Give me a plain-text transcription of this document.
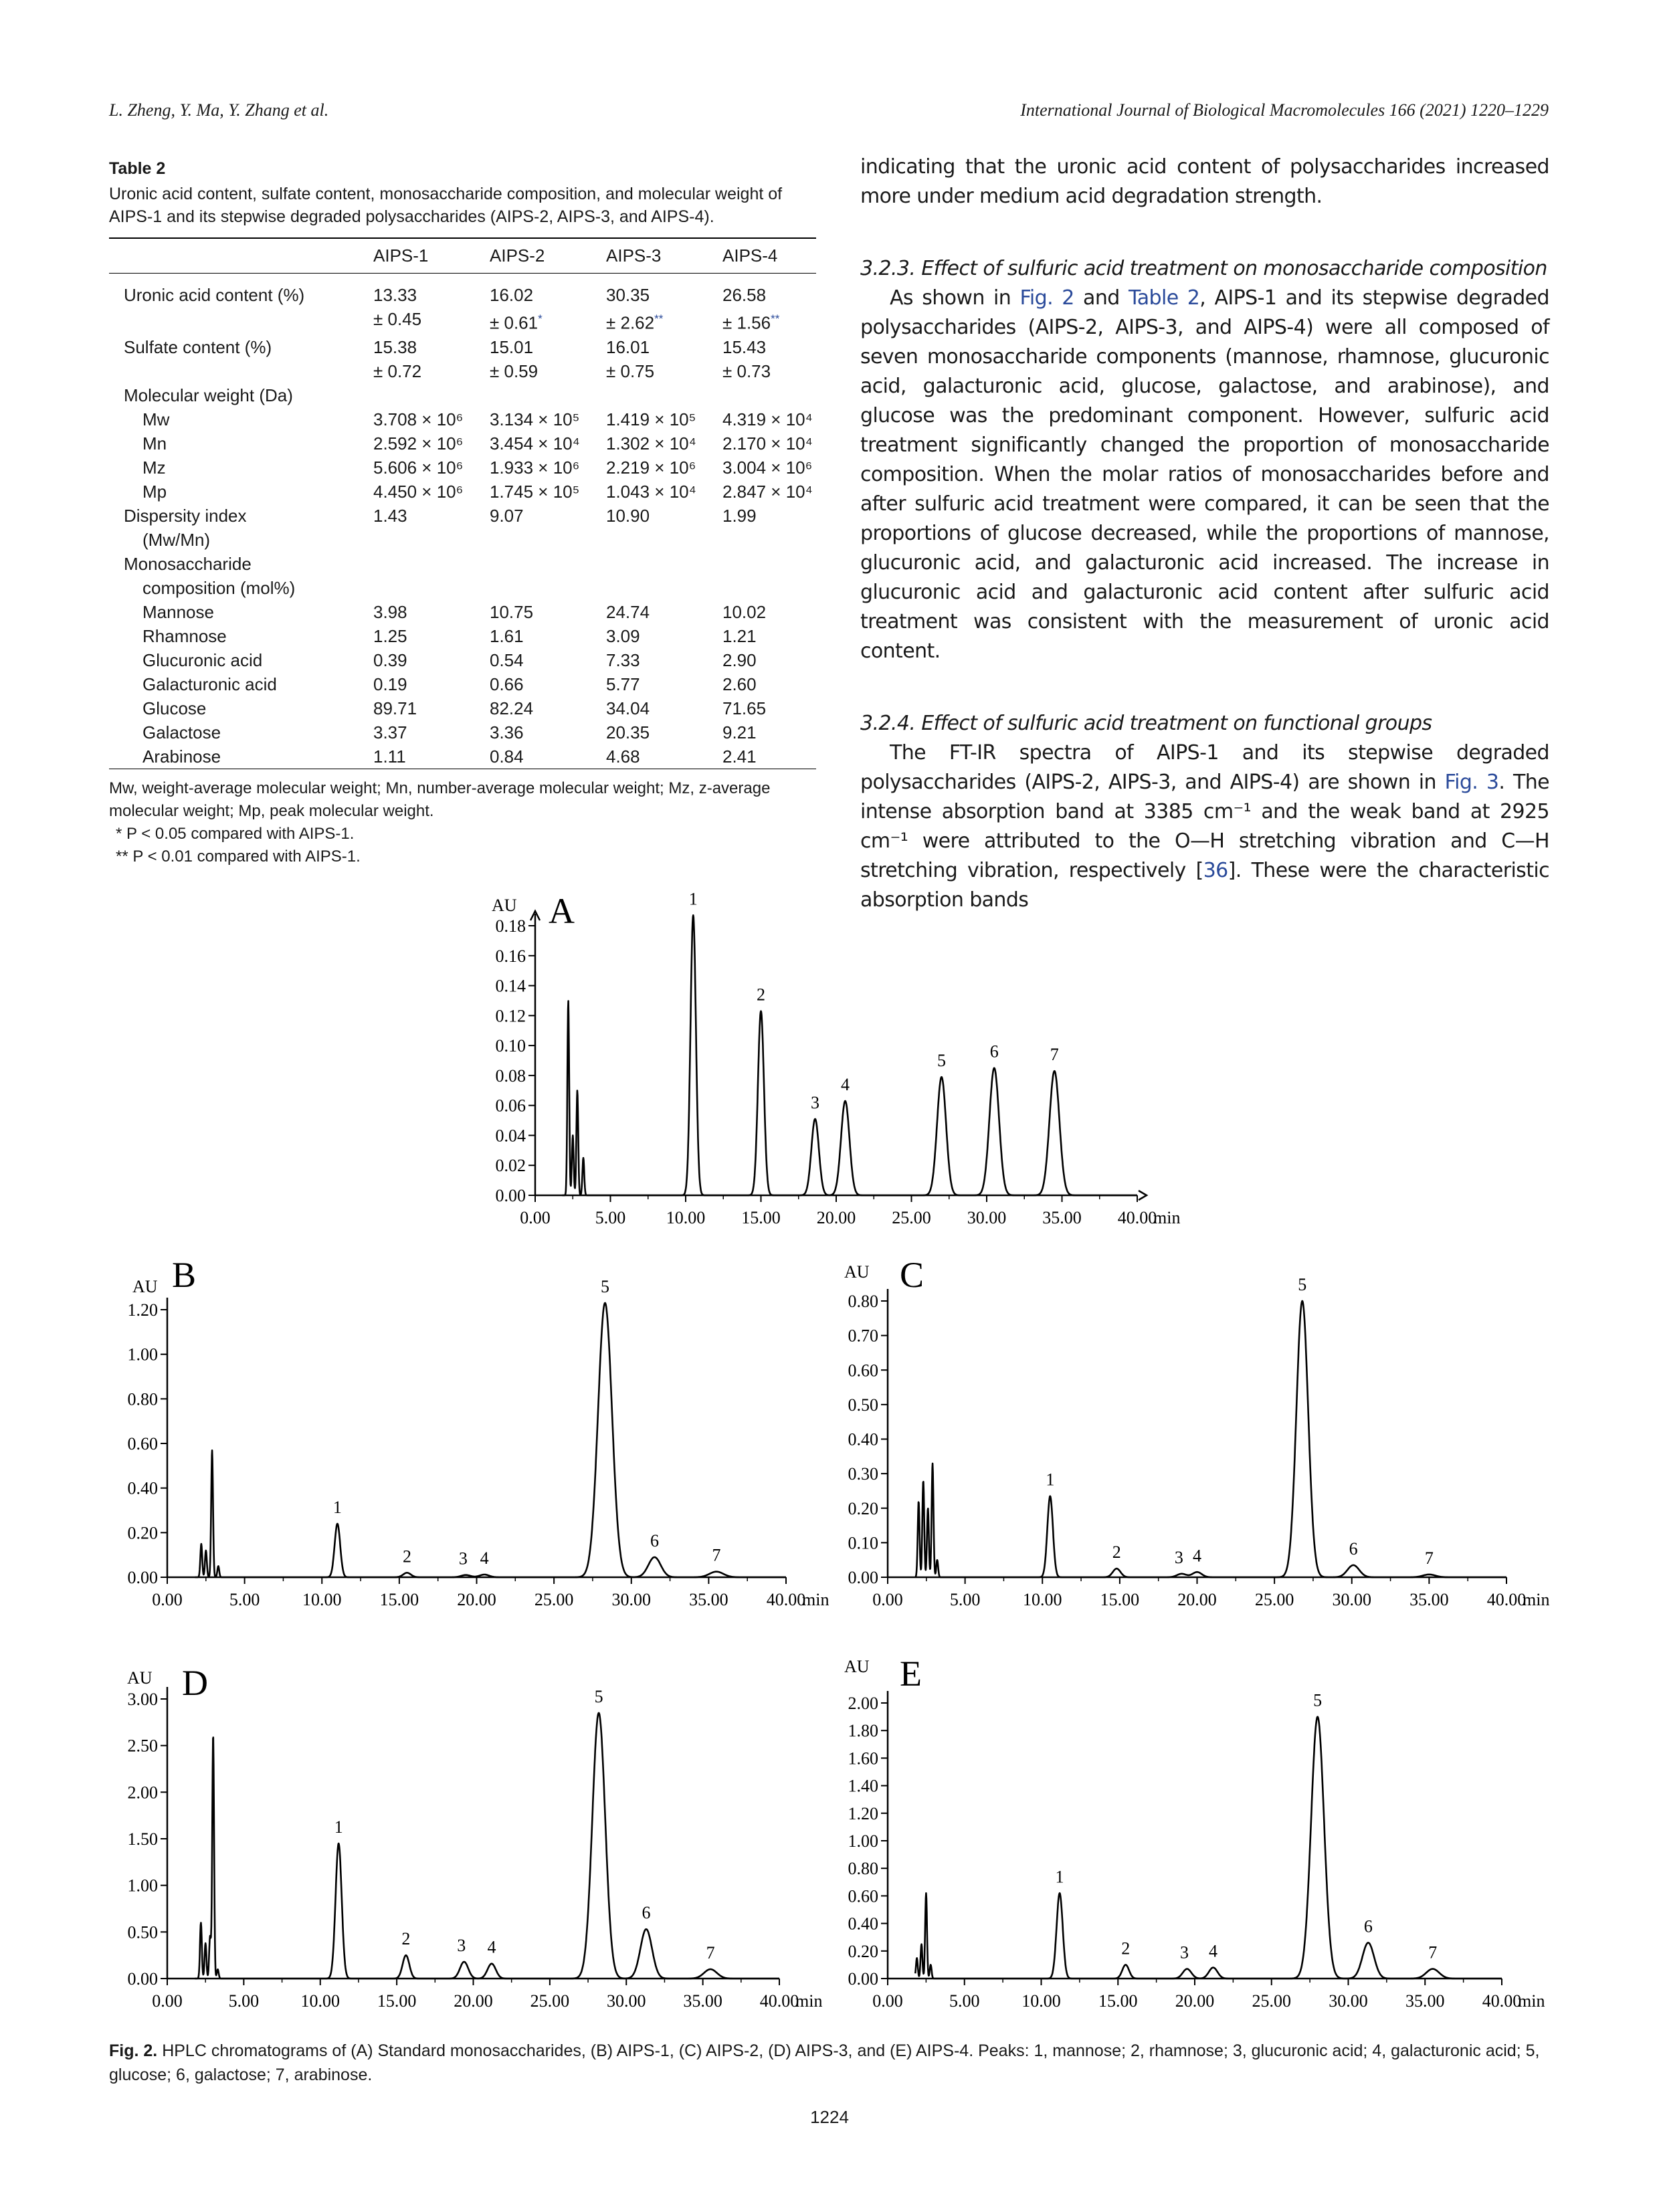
L. Zheng, Y. Ma, Y. Zhang et al.	International Journal of Biological Macromolecules 166 (2021) 1220–1229
Table 2
Uronic acid content, sulfate content, monosaccharide composition, and molecular weight of AIPS-1 and its stepwise degraded polysaccharides (AIPS-2, AIPS-3, and AIPS-4).
	AIPS-1	AIPS-2	AIPS-3	AIPS-4
Uronic acid content (%)	13.33	16.02	30.35	26.58
	± 0.45	± 0.61*	± 2.62**	± 1.56**
Sulfate content (%)	15.38	15.01	16.01	15.43
	± 0.72	± 0.59	± 0.75	± 0.73
Molecular weight (Da)				
Mw	3.708 × 10⁶	3.134 × 10⁵	1.419 × 10⁵	4.319 × 10⁴
Mn	2.592 × 10⁶	3.454 × 10⁴	1.302 × 10⁴	2.170 × 10⁴
Mz	5.606 × 10⁶	1.933 × 10⁶	2.219 × 10⁶	3.004 × 10⁶
Mp	4.450 × 10⁶	1.745 × 10⁵	1.043 × 10⁴	2.847 × 10⁴
Dispersity index	1.43	9.07	10.90	1.99
(Mw/Mn)				
Monosaccharide				
composition (mol%)				
Mannose	3.98	10.75	24.74	10.02
Rhamnose	1.25	1.61	3.09	1.21
Glucuronic acid	0.39	0.54	7.33	2.90
Galacturonic acid	0.19	0.66	5.77	2.60
Glucose	89.71	82.24	34.04	71.65
Galactose	3.37	3.36	20.35	9.21
Arabinose	1.11	0.84	4.68	2.41
Mw, weight-average molecular weight; Mn, number-average molecular weight; Mz, z-average molecular weight; Mp, peak molecular weight.
* P < 0.05 compared with AIPS-1.
** P < 0.01 compared with AIPS-1.

indicating that the uronic acid content of polysaccharides increased more under medium acid degradation strength.

3.2.3. Effect of sulfuric acid treatment on monosaccharide composition

As shown in Fig. 2 and Table 2, AIPS-1 and its stepwise degraded polysaccharides (AIPS-2, AIPS-3, and AIPS-4) were all composed of seven monosaccharide components (mannose, rhamnose, glucuronic acid, galacturonic acid, glucose, galactose, and arabinose), and glucose was the predominant component. However, sulfuric acid treatment significantly changed the proportion of monosaccharide composition. When the molar ratios of monosaccharides before and after sulfuric acid treatment were compared, it can be seen that the proportions of glucose decreased, while the proportions of mannose, glucuronic acid, and galacturonic acid increased. The increase in glucuronic acid and galacturonic acid content after sulfuric acid treatment was consistent with the measurement of uronic acid content.

3.2.4. Effect of sulfuric acid treatment on functional groups

The FT-IR spectra of AIPS-1 and its stepwise degraded polysaccharides (AIPS-2, AIPS-3, and AIPS-4) are shown in Fig. 3. The intense absorption band at 3385 cm⁻¹ and the weak band at 2925 cm⁻¹ were attributed to the O—H stretching vibration and C—H stretching vibration, respectively [36]. These were the characteristic absorption bands

0.00	5.00 10.00 15.00 20.00 25.00 30.00 35.00 40.00
min
0.00
0.02
0.04
0.06
0.08
0.10
0.12
0.14
0.16
0.18
AU A	1
2
3
4
5	6	7
0.00	5.00 10.00 15.00 20.00 25.00 30.00 35.00 40.00
min
0.00
0.20
0.40
0.60
0.80
1.00
1.20
AU B
1
2	3 4
5
6
7
0.00	5.00 10.00 15.00 20.00 25.00 30.00 35.00 40.00
min
0.00
0.10
0.20
0.30
0.40
0.50
0.60
0.70
0.80
AU C
1
2	3 4
5
6	7
0.00	5.00 10.00 15.00 20.00 25.00 30.00 35.00 40.00
min
0.00
0.50
1.00
1.50
2.00
2.50
3.00
AU D
1
2	3 4
5
6
7
0.00	5.00 10.00 15.00 20.00 25.00 30.00 35.00 40.00
min
0.00
0.20
0.40
0.60
0.80
1.00
1.20
1.40
1.60
1.80
2.00
AU E
1
2	3 4
5
6
7
Fig. 2. HPLC chromatograms of (A) Standard monosaccharides, (B) AIPS-1, (C) AIPS-2, (D) AIPS-3, and (E) AIPS-4. Peaks: 1, mannose; 2, rhamnose; 3, glucuronic acid; 4, galacturonic acid; 5, glucose; 6, galactose; 7, arabinose.
1224
